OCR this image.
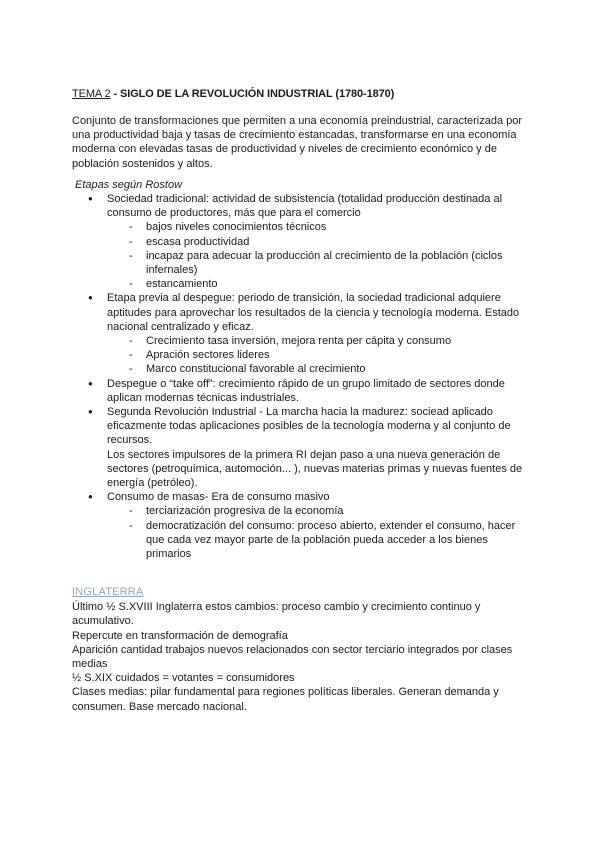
TEMA 2 - SIGLO DE LA REVOLUCIÓN INDUSTRIAL (1780-1870)
Conjunto de transformaciones que permiten a una economía preindustrial, caracterizada por una productividad baja y tasas de crecimiento estancadas, transformarse en una economía moderna con elevadas tasas de productividad y niveles de crecimiento económico y de población sostenidos y altos.
Etapas según Rostow
● Sociedad tradicional: actividad de subsistencia (totalidad producción destinada al consumo de productores, más que para el comercio
- bajos niveles conocimientos técnicos
- escasa productividad
- incapaz para adecuar la producción al crecimiento de la población (ciclos infernales)
- estancamiento
● Etapa previa al despegue: periodo de transición, la sociedad tradicional adquiere aptitudes para aprovechar los resultados de la ciencia y tecnología moderna. Estado nacional centralizado y eficaz.
- Crecimiento tasa inversión, mejora renta per cápita y consumo
- Apración sectores lideres
- Marco constitucional favorable al crecimiento
● Despegue o “take off”: crecimiento rápido de un grupo limitado de sectores donde aplican modernas técnicas industriales.
● Segunda Revolución Industrial - La marcha hacia la madurez: sociead aplicado eficazmente todas aplicaciones posibles de la tecnología moderna y al conjunto de recursos.
Los sectores impulsores de la primera RI dejan paso a una nueva generación de sectores (petroquímica, automoción... ), nuevas materias primas y nuevas fuentes de energía (petróleo).
● Consumo de masas- Era de consumo masivo
- terciarización progresiva de la economía
- democratización del consumo: proceso abierto, extender el consumo, hacer que cada vez mayor parte de la población pueda acceder a los bienes primarios
INGLATERRA

Último ½ S.XVIII Inglaterra estos cambios: proceso cambio y crecimiento continuo y acumulativo.

Repercute en transformación de demografía

Aparición cantidad trabajos nuevos relacionados con sector terciario integrados por clases medias

½ S.XIX cuidados = votantes = consumidores

Clases medias: pilar fundamental para regiones políticas liberales. Generan demanda y consumen. Base mercado nacional.
